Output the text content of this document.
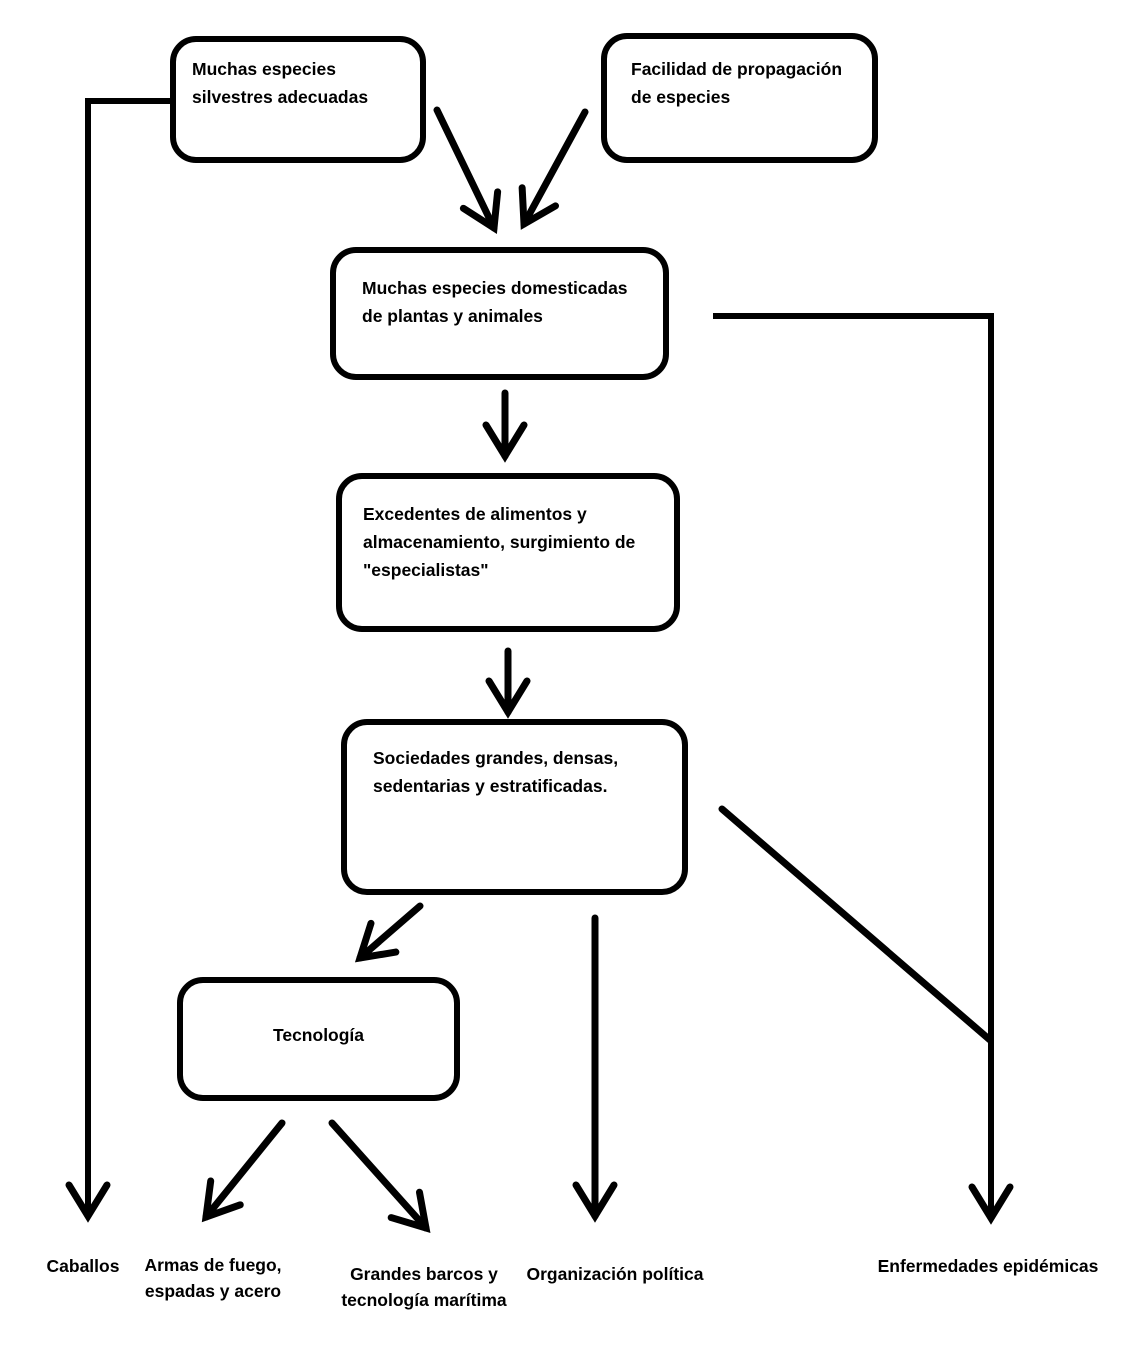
Muchas especies silvestres adecuadas
Facilidad de propagación de especies
Muchas especies domesticadas de plantas y animales
Excedentes de alimentos y almacenamiento, surgimiento de "especialistas"
Sociedades grandes, densas, sedentarias y estratificadas.
Tecnología
Caballos Armas de fuego, espadas y acero
Grandes barcos y tecnología marítima
Organización política	Enfermedades epidémicas
